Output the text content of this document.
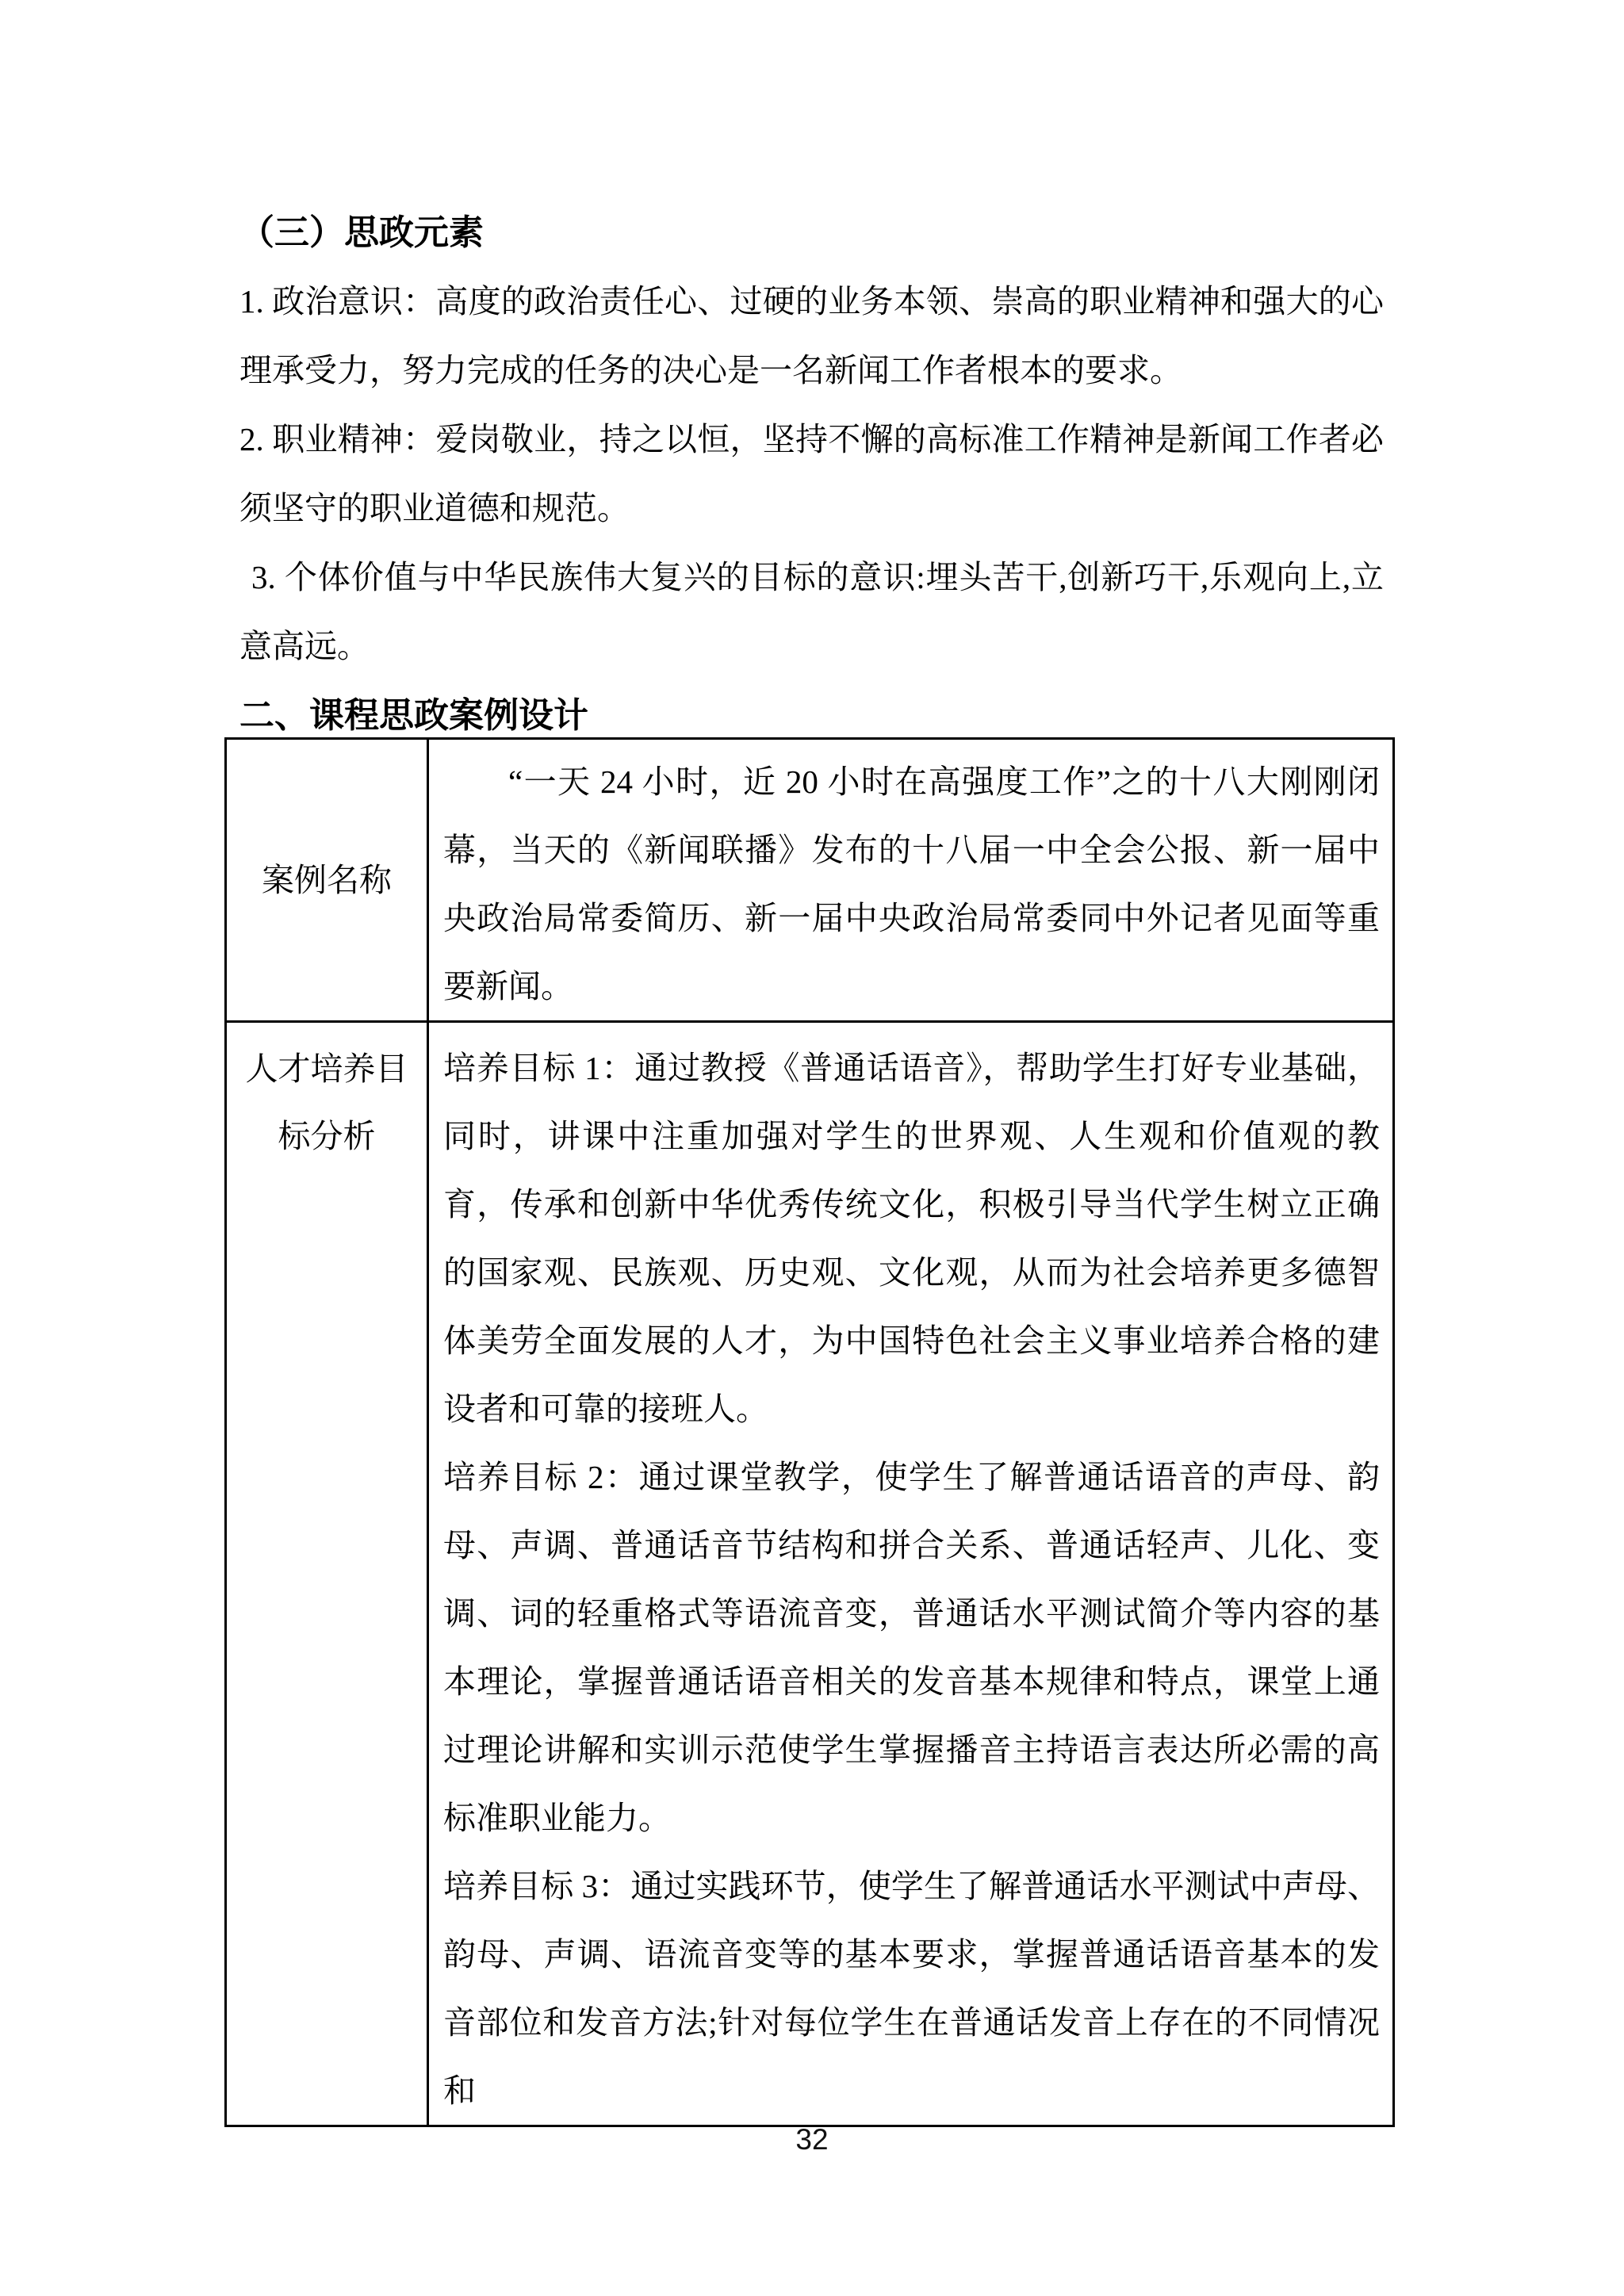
（三）思政元素

1. 政治意识：高度的政治责任心、过硬的业务本领、崇高的职业精神和强大的心理承受力，努力完成的任务的决心是一名新闻工作者根本的要求。

2. 职业精神：爱岗敬业，持之以恒，坚持不懈的高标准工作精神是新闻工作者必须坚守的职业道德和规范。

3. 个体价值与中华民族伟大复兴的目标的意识:埋头苦干,创新巧干,乐观向上,立意高远。

二、课程思政案例设计
案例名称	“一天 24 小时，近 20 小时在高强度工作”之的十八大刚刚闭幕，当天的《新闻联播》发布的十八届一中全会公报、新一届中央政治局常委简历、新一届中央政治局常委同中外记者见面等重要新闻。

人才培养目标分析	培养目标 1：通过教授《普通话语音》，帮助学生打好专业基础，同时，讲课中注重加强对学生的世界观、人生观和价值观的教育，传承和创新中华优秀传统文化，积极引导当代学生树立正确的国家观、民族观、历史观、文化观，从而为社会培养更多德智体美劳全面发展的人才，为中国特色社会主义事业培养合格的建设者和可靠的接班人。

培养目标 2：通过课堂教学，使学生了解普通话语音的声母、韵母、声调、普通话音节结构和拼合关系、普通话轻声、儿化、变调、词的轻重格式等语流音变，普通话水平测试简介等内容的基本理论，掌握普通话语音相关的发音基本规律和特点，课堂上通过理论讲解和实训示范使学生掌握播音主持语言表达所必需的高标准职业能力。

培养目标 3：通过实践环节，使学生了解普通话水平测试中声母、韵母、声调、语流音变等的基本要求，掌握普通话语音基本的发音部位和发音方法;针对每位学生在普通话发音上存在的不同情况和

32
